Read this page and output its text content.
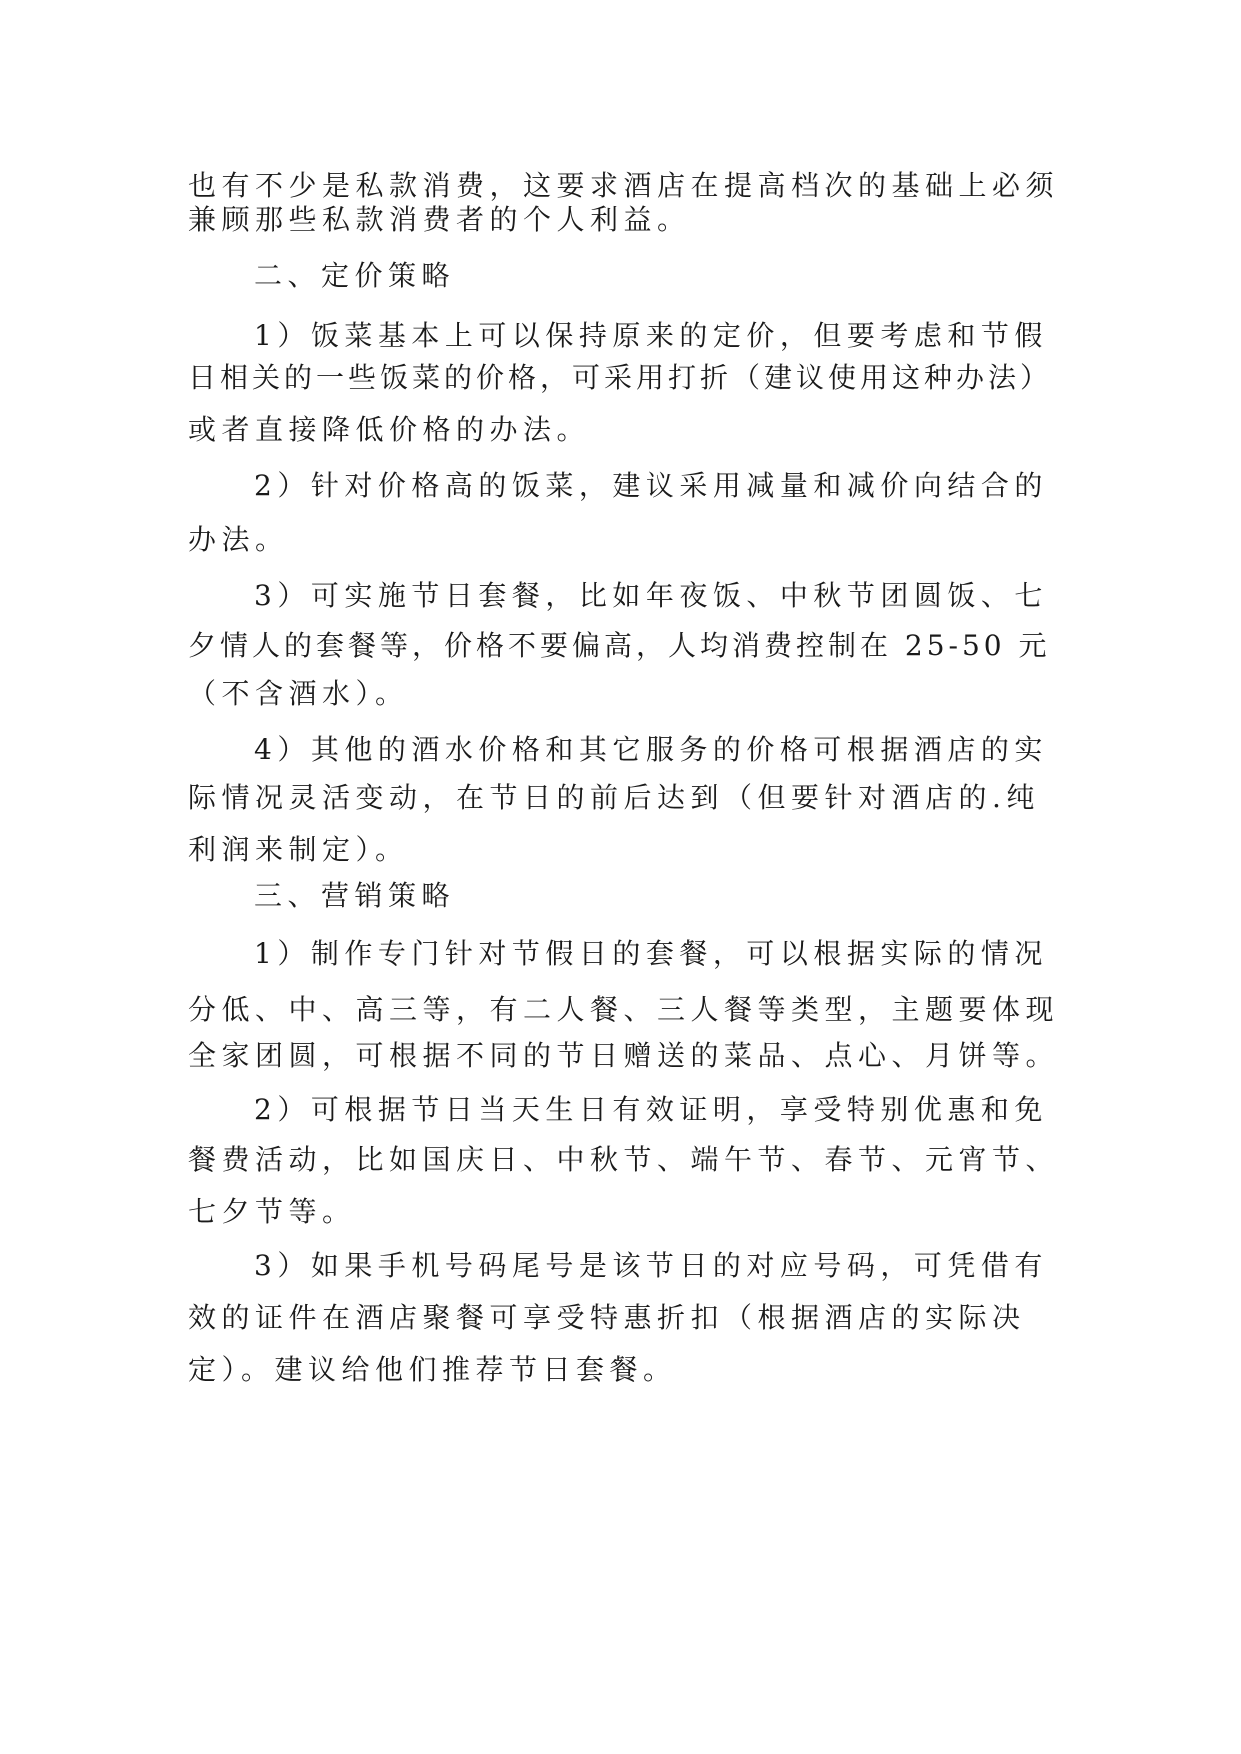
也有不少是私款消费，这要求酒店在提高档次的基础上必须
兼顾那些私款消费者的个人利益。
二、定价策略
1）饭菜基本上可以保持原来的定价，但要考虑和节假
日相关的一些饭菜的价格，可采用打折（建议使用这种办法）
或者直接降低价格的办法。
2）针对价格高的饭菜，建议采用减量和减价向结合的
办法。
3）可实施节日套餐，比如年夜饭、中秋节团圆饭、七
夕情人的套餐等，价格不要偏高，人均消费控制在 25-50 元
（不含酒水）。
4）其他的酒水价格和其它服务的价格可根据酒店的实
际情况灵活变动，在节日的前后达到（但要针对酒店的.纯
利润来制定）。
三、营销策略
1）制作专门针对节假日的套餐，可以根据实际的情况
分低、中、高三等，有二人餐、三人餐等类型，主题要体现
全家团圆，可根据不同的节日赠送的菜品、点心、月饼等。
2）可根据节日当天生日有效证明，享受特别优惠和免
餐费活动，比如国庆日、中秋节、端午节、春节、元宵节、
七夕节等。
3）如果手机号码尾号是该节日的对应号码，可凭借有
效的证件在酒店聚餐可享受特惠折扣（根据酒店的实际决
定）。建议给他们推荐节日套餐。
